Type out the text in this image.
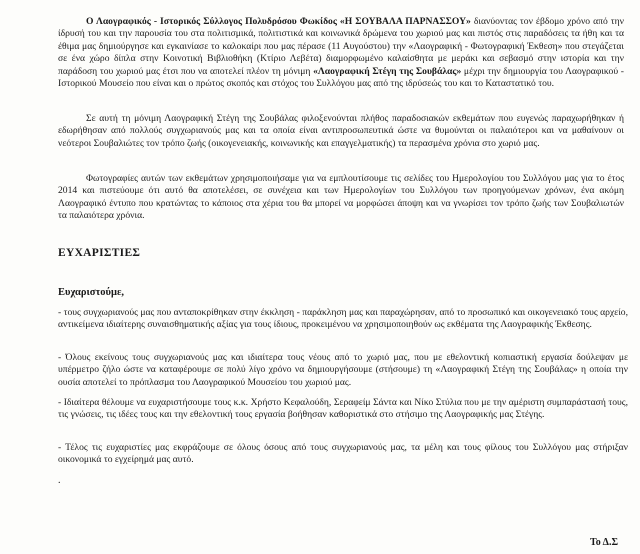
Ο Λαογραφικός - Ιστορικός Σύλλογος Πολυδρόσου Φωκίδος «Η ΣΟΥΒΑΛΑ ΠΑΡΝΑΣΣΟΥ» διανύοντας τον έβδομο χρόνο από την ίδρυσή του και την παρουσία του στα πολιτισμικά, πολιτιστικά και κοινωνικά δρώμενα του χωριού μας και πιστός στις παραδόσεις τα ήθη και τα έθιμα μας δημιούργησε και εγκαινίασε το καλοκαίρι που μας πέρασε (11 Αυγούστου) την «Λαογραφική - Φωτογραφική Έκθεση» που στεγάζεται σε ένα χώρο δίπλα στην Κοινοτική Βιβλιοθήκη (Κτίριο Λεβέτα) διαμορφωμένο καλαίσθητα με μεράκι και σεβασμό στην ιστορία και την παράδοση του χωριού μας έτσι που να αποτελεί πλέον τη μόνιμη «Λαογραφική Στέγη της Σουβάλας» μέχρι την δημιουργία του Λαογραφικού - Ιστορικού Μουσείο που είναι και ο πρώτος σκοπός και στόχος του Συλλόγου μας από της ιδρύσεώς του και το Καταστατικό του.

Σε αυτή τη μόνιμη Λαογραφική Στέγη της Σουβάλας φιλοξενούνται πλήθος παραδοσιακών εκθεμάτων που ευγενώς παραχωρήθηκαν ή εδωρήθησαν από πολλούς συγχωριανούς μας και τα οποία είναι αντιπροσωπευτικά ώστε να θυμούνται οι παλαιότεροι και να μαθαίνουν οι νεότεροι Σουβαλιώτες τον τρόπο ζωής (οικογενειακής, κοινωνικής και επαγγελματικής) τα περασμένα χρόνια στο χωριό μας.

Φωτογραφίες αυτών των εκθεμάτων χρησιμοποιήσαμε για να εμπλουτίσουμε τις σελίδες του Ημερολογίου του Συλλόγου μας για το έτος 2014 και πιστεύουμε ότι αυτό θα αποτελέσει, σε συνέχεια και των Ημερολογίων του Συλλόγου των προηγούμενων χρόνων, ένα ακόμη Λαογραφικό έντυπο που κρατώντας το κάποιος στα χέρια του θα μπορεί να μορφώσει άποψη και να γνωρίσει τον τρόπο ζωής των Σουβαλιωτών τα παλαιότερα χρόνια.

ΕΥΧΑΡΙΣΤΙΕΣ
Ευχαριστούμε,

- τους συγχωριανούς μας που ανταποκρίθηκαν στην έκκληση - παράκληση μας και παραχώρησαν, από το προσωπικό και οικογενειακό τους αρχείο, αντικείμενα ιδιαίτερης συναισθηματικής αξίας για τους ίδιους, προκειμένου να χρησιμοποιηθούν ως εκθέματα της Λαογραφικής Έκθεσης.

- Όλους εκείνους τους συγχωριανούς μας και ιδιαίτερα τους νέους από το χωριό μας, που με εθελοντική κοπιαστική εργασία δούλεψαν με υπέρμετρο ζήλο ώστε να καταφέρουμε σε πολύ λίγο χρόνο να δημιουργήσουμε (στήσουμε) τη «Λαογραφική Στέγη της Σουβάλας» η οποία την ουσία αποτελεί το πρόπλασμα του Λαογραφικού Μουσείου του χωριού μας.

- Ιδιαίτερα θέλουμε να ευχαριστήσουμε τους κ.κ. Χρήστο Κεφαλούδη, Σεραφείμ Σάντα και Νίκο Στύλια που με την αμέριστη συμπαράστασή τους, τις γνώσεις, τις ιδέες τους και την εθελοντική τους εργασία βοήθησαν καθοριστικά στο στήσιμο της Λαογραφικής μας Στέγης.

- Τέλος τις ευχαριστίες μας εκφράζουμε σε όλους όσους από τους συγχωριανούς μας, τα μέλη και τους φίλους του Συλλόγου μας στήριξαν οικονομικά το εγχείρημά μας αυτό.

.

Το Δ.Σ
